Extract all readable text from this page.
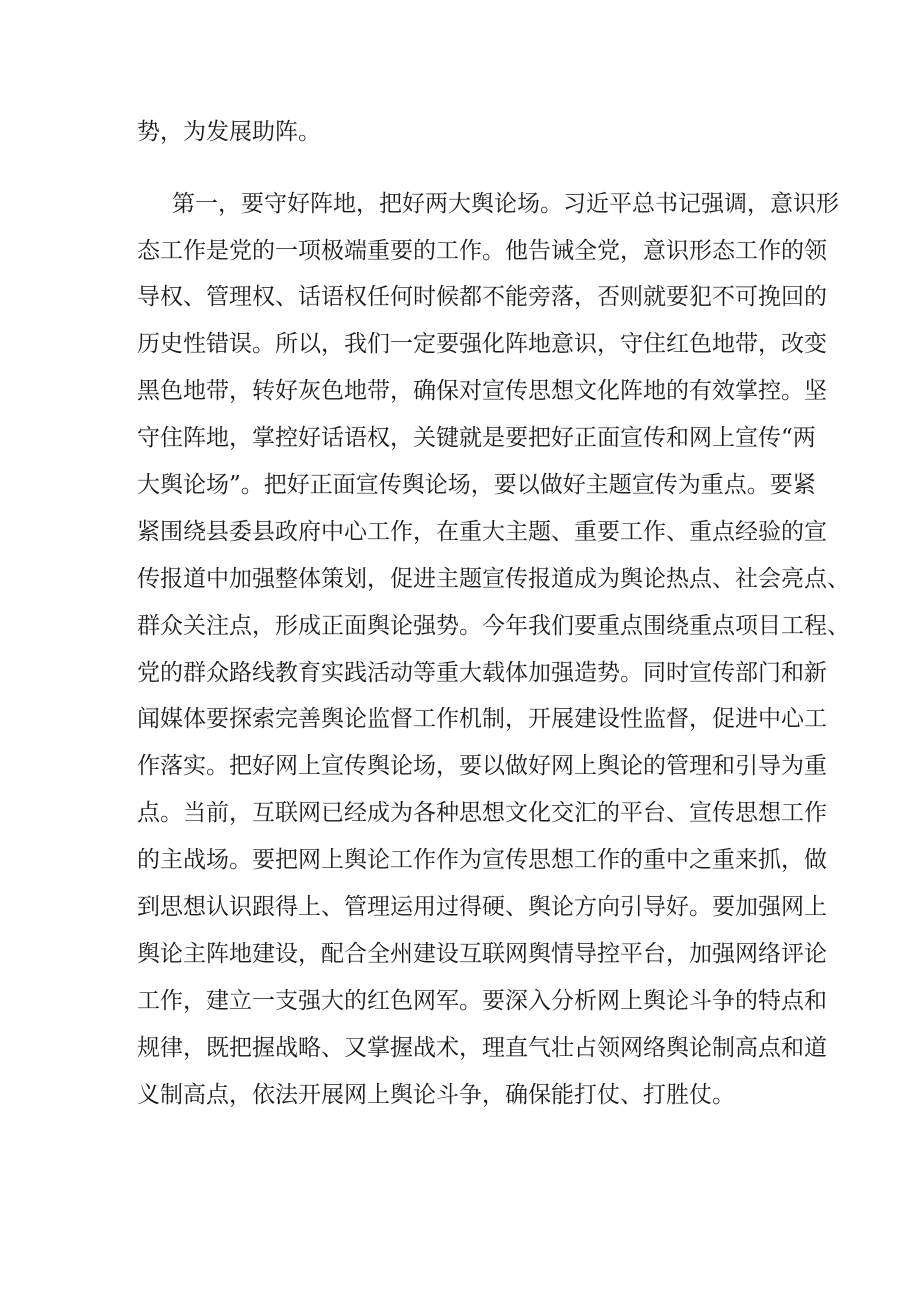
势，为发展助阵。

第一，要守好阵地，把好两大舆论场。习近平总书记强调，意识形

态工作是党的一项极端重要的工作。他告诫全党，意识形态工作的领

导权、管理权、话语权任何时候都不能旁落，否则就要犯不可挽回的

历史性错误。所以，我们一定要强化阵地意识，守住红色地带，改变

黑色地带，转好灰色地带，确保对宣传思想文化阵地的有效掌控。坚

守住阵地，掌控好话语权，关键就是要把好正面宣传和网上宣传“两

大舆论场”。把好正面宣传舆论场，要以做好主题宣传为重点。要紧

紧围绕县委县政府中心工作，在重大主题、重要工作、重点经验的宣

传报道中加强整体策划，促进主题宣传报道成为舆论热点、社会亮点、

群众关注点，形成正面舆论强势。今年我们要重点围绕重点项目工程、

党的群众路线教育实践活动等重大载体加强造势。同时宣传部门和新

闻媒体要探索完善舆论监督工作机制，开展建设性监督，促进中心工

作落实。把好网上宣传舆论场，要以做好网上舆论的管理和引导为重

点。当前，互联网已经成为各种思想文化交汇的平台、宣传思想工作

的主战场。要把网上舆论工作作为宣传思想工作的重中之重来抓，做

到思想认识跟得上、管理运用过得硬、舆论方向引导好。要加强网上

舆论主阵地建设，配合全州建设互联网舆情导控平台，加强网络评论

工作，建立一支强大的红色网军。要深入分析网上舆论斗争的特点和

规律，既把握战略、又掌握战术，理直气壮占领网络舆论制高点和道

义制高点，依法开展网上舆论斗争，确保能打仗、打胜仗。
